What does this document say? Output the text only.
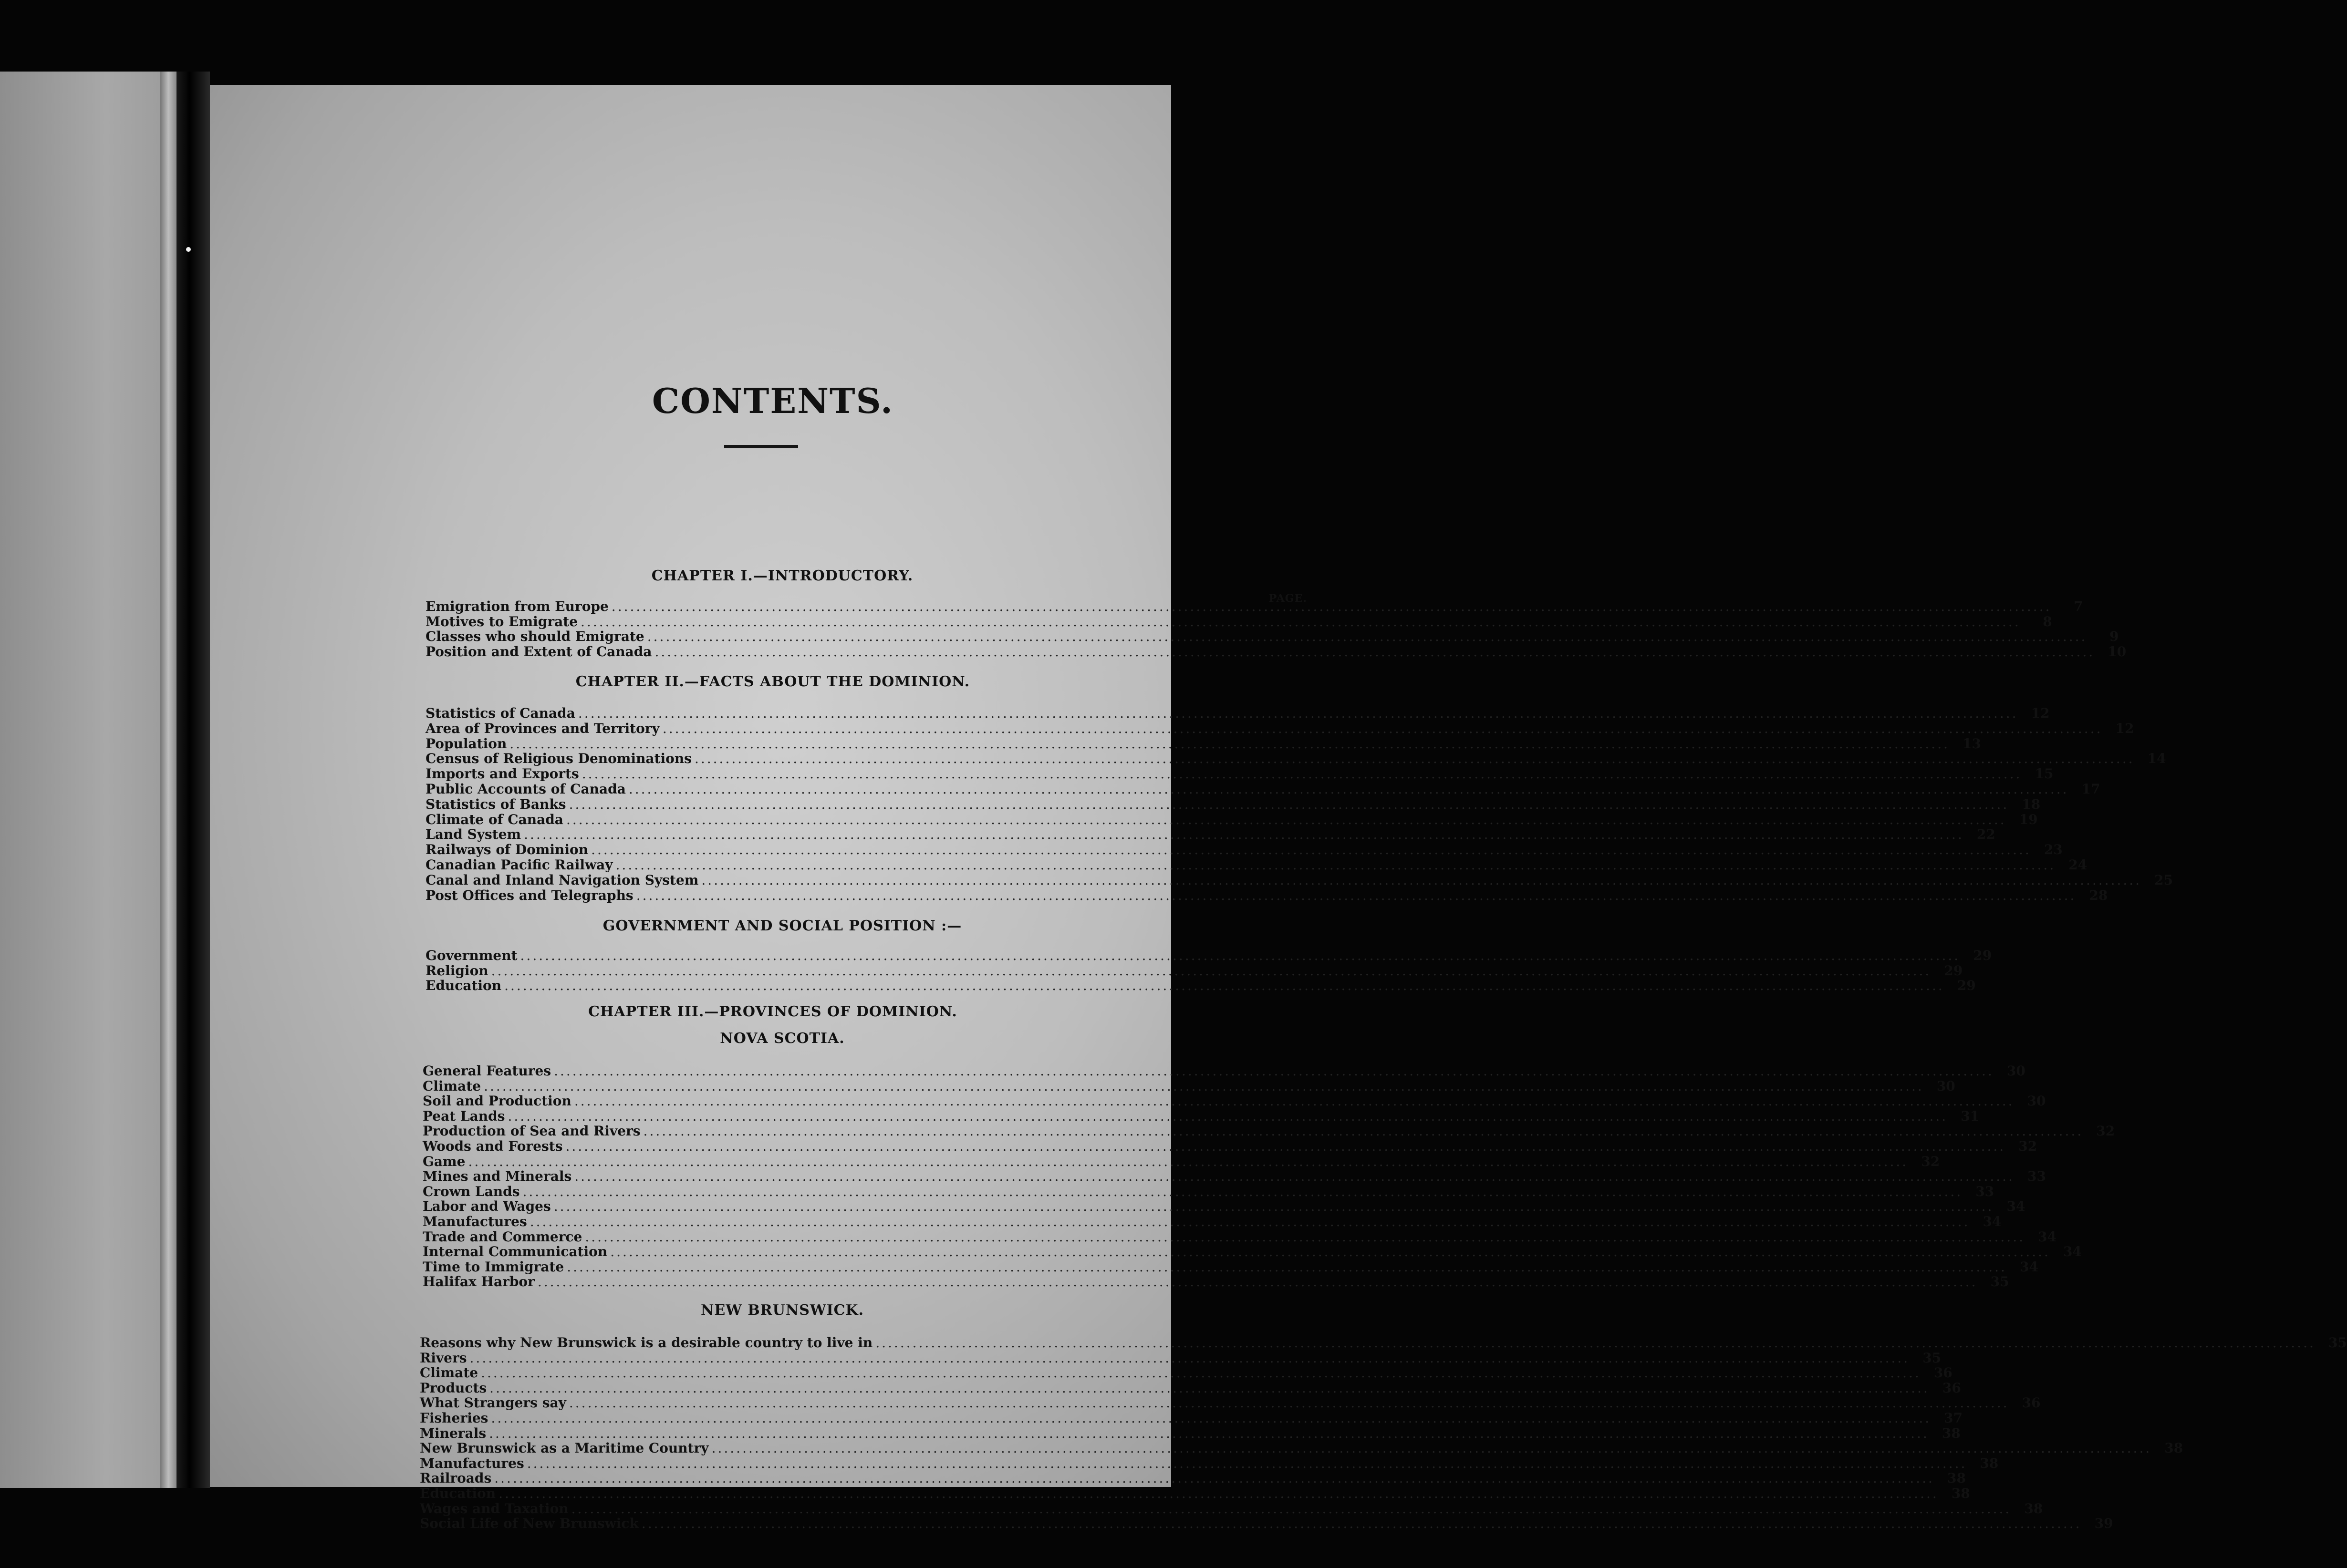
CONTENTS.
PAGE.
CHAPTER I.—INTRODUCTORY.
Emigration from Europe .....	7
Motives to Emigrate .....	8
Classes who should Emigrate .....	9
Position and Extent of Canada .....	10
CHAPTER II.—FACTS ABOUT THE DOMINION.
Statistics of Canada .....	12
Area of Provinces and Territory .....	12
Population .....	13
Census of Religious Denominations .....	14
Imports and Exports .....	15
Public Accounts of Canada .....	17
Statistics of Banks .....	18
Climate of Canada .....	19
Land System .....	22
Railways of Dominion .....	23
Canadian Pacific Railway .....	24
Canal and Inland Navigation System .....	25
Post Offices and Telegraphs .....	28
GOVERNMENT AND SOCIAL POSITION :—
Government .....	29
Religion .....	29
Education .....	29
CHAPTER III.—PROVINCES OF DOMINION.
NOVA SCOTIA.
General Features .....	30
Climate .....	30
Soil and Production .....	30
Peat Lands .....	31
Production of Sea and Rivers .....	32
Woods and Forests .....	32
Game .....	32
Mines and Minerals .....	33
Crown Lands .....	33
Labor and Wages .....	34
Manufactures .....	34
Trade and Commerce .....	34
Internal Communication .....	34
Time to Immigrate .....	34
Halifax Harbor .....	35
NEW BRUNSWICK.
Reasons why New Brunswick is a desirable country to live in .....	35
Rivers .....	35
Climate .....	36
Products .....	36
What Strangers say .....	36
Fisheries .....	37
Minerals .....	38
New Brunswick as a Maritime Country .....	38
Manufactures .....	38
Railroads .....	38
Education .....	38
Wages and Taxation .....	38
Social Life of New Brunswick .....	39
